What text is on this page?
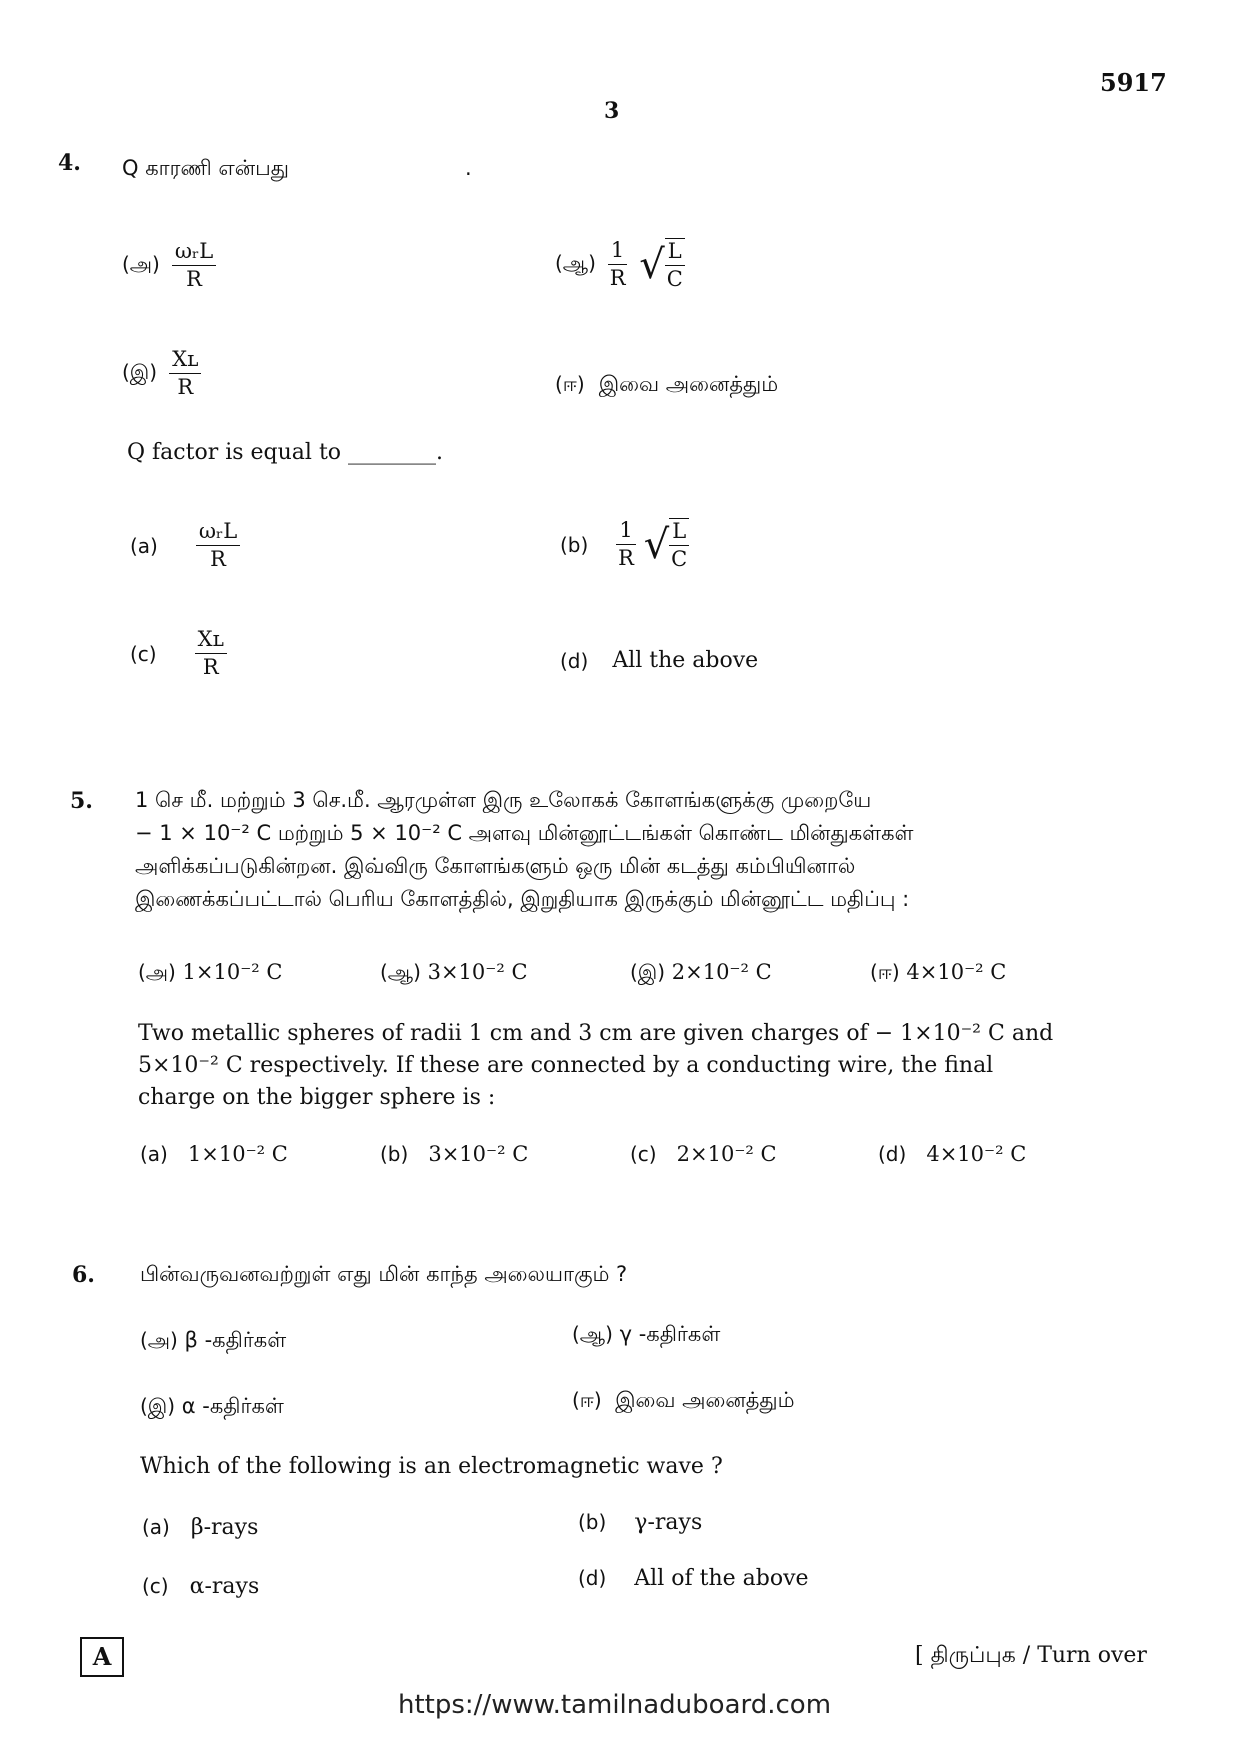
5917
3
4. Q காரணி என்பது	.
(அ) $\frac{\text{ωᵣL}}{R}$	(ஆ) $\frac{1}{R}$ √ $\frac{L}{C}$
(இ) $\frac{\text{Xʟ}}{R}$	(ஈ) இவை அனைத்தும்
Q factor is equal to ________.
$(a) \frac{\text{ωᵣL}}{R}$	$(b) \frac{1}{R}$ √ $\frac{L}{C}$
$(c) \frac{\text{Xʟ}}{R}$	(d) All the above
5. 1 செ மீ. மற்றும் 3 செ.மீ. ஆரமுள்ள இரு உலோகக் கோளங்களுக்கு முறையே
− 1 × 10⁻² C மற்றும் 5 × 10⁻² C அளவு மின்னூட்டங்கள் கொண்ட மின்துகள்கள்
அளிக்கப்படுகின்றன. இவ்விரு கோளங்களும் ஒரு மின் கடத்து கம்பியினால்
இணைக்கப்பட்டால் பெரிய கோளத்தில், இறுதியாக இருக்கும் மின்னூட்ட மதிப்பு :
(அ) 1×10⁻² C	(ஆ) 3×10⁻² C	(இ) 2×10⁻² C	(ஈ) 4×10⁻² C
Two metallic spheres of radii 1 cm and 3 cm are given charges of − 1×10⁻² C and
5×10⁻² C respectively. If these are connected by a conducting wire, the final
charge on the bigger sphere is :
(a) 1×10⁻² C	(b) 3×10⁻² C	(c) 2×10⁻² C	(d) 4×10⁻² C
6. பின்வருவனவற்றுள் எது மின் காந்த அலையாகும் ?
(அ) β -கதிர்கள்	(ஆ) γ -கதிர்கள்
(இ) α -கதிர்கள்	(ஈ) இவை அனைத்தும்
Which of the following is an electromagnetic wave ?
(a) β-rays	(b) γ-rays
(c) α-rays	(d) All of the above
A	[ திருப்புக / Turn over
https://www.tamilnaduboard.com
